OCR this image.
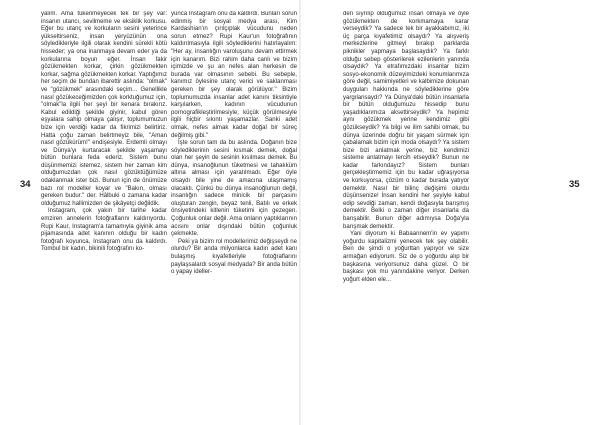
34	35

yalım. Ama tükenmeyecek tek bir şey var: insanın utancı, sevilmeme ve eksiklik korkusu. Eğer bu utanç ve korkuların sesini yeterince yükseltirseniz, insan yeryüzünün ona söyledikleriyle ilgili olarak kendini sürekli kötü hisseder; ya ona inanmaya devam eder ya da korkularına boyun eğer. İnsan fakir gözükmekten korkar, çirkin gözükmekten korkar, sağma gözükmekten korkar. Yaptığımız her seçim de bundan ibarettir aslında: "olmak" ve "gözükmek" arasındaki seçim... Genellikle nasıl gözükeceğimizden çok korktuğumuz için, "olmak"la ilgili her şeyi bir kenara bırakırız. Kabul edildiği şekilde giyinir, kabul gören eşyalara sahip olmaya çalışır, toplumumuzun bize için verdiği kadar da fikrimizi belirtiriz. Hatta çoğu zaman belirtmeyiz bile, "Aman nasıl gözükürüm!" endişesiyle. Erdemli olmayı ve Dünya'yı kurtaracak şekilde yaşamayı bütün bunlara feda ederiz. Sistem bunu düşünmemizi istemez, sistem her zaman kim olduğumuzdan çok nasıl gözüktüğümüze odaklanmak ister bizi. Bunun için de önümüze bazı rol modeller koyar ve "Bakın, olması gereken budur." der. Hâlbuki o zamana kadar olduğumuz hallimizden de şikâyetçi değildik.

Instagram, çok yakın bir tarihe kadar emziren annelerin fotoğraflarını kaldırıyordu. Rupi Kaur, Instagram'a tamamıyla giyinik ama pijamasında adet kanının olduğu bir kadın fotoğrafı koyunca, Instagram onu da kaldırdı. Tombul bir kadın, bikinili fotoğrafını ko-

yunca Instagram onu da kaldırdı. Bunları sorun edinmiş bir sosyal medya arası, Kim Kardashian'ın çırılçıplak vücudunu neden sorun etmez? Rupi Kaur'un fotoğrafının kaldırılmasıyla ilgili söylediklerini hatırlayalım: "Her ay, insanlığın varoluşunu devam ettirmek için kanarım. Bizi rahim daha canlı ve bizim içimizde ve şu an nefes alan herkesin de burada var olmasının sebebi. Bu sebeple, kanımız öylesine utanç verici ve saklanması gereken bir şey olarak görülüyor." Bizim toplumumuzda insanlar adet kanını tiksintiyle karşılarken, kadının vücudunun pornografikleştirilmesiyle, küçük görülmesiyle ilgili hiçbir sıkıntı yaşamazlar. Sanki adet olmak, nefes almak kadar doğal bir süreç değilmiş gibi."

İşte sorun tam da bu aslında. Doğanın bize söylediklerinin sesini kısmak demek, doğal olan her şeyin de sesinin kısılması demek. Bu dünya, insanoğlunun tüketmesi ve tahakküm altına alması için yaratılmadı. Eğer öyle olsaydı bile yine de amacına ulaşmamış olacaktı. Çünkü bu dünya insanoğlunun değil, insanlığın sadece minicik bir parçasını oluşturan zengin, beyaz tenli, Batılı ve erkek önsiyetindeki kitlenin tüketimi için gezegen. Çoğunluk onlar değil. Ama onların yaptıklarının acısını onlar dışındaki bütün çoğunluk çekmekte.

Peki ya bizim rol modellerimiz değişseydi ne olurdu? Bir anda milyonlarca kadın adet kanı bulaşmış kıyafetleriyle fotoğraflarını paylaşsalardı sosyal medyada? Bir anda bütün o yapay ideller-

den sıyrılıp olduğumuz insan olmaya ve öyle gözükmekten de korkmamaya karar verseydik? Ya sadece tek bir ayakkabımız, iki üç parça kıyafetimiz olsaydı? Ya alışveriş merkezlerine gitmeyi bırakıp parklarda piknikler yapmaya başlasaydık? Ya farklı olduğu sebep gösterilerek ezilenlerin yanında olsaydık? Ya etrafımızdaki insanlar bizim sosyo-ekonomik düzeyimizdeki konumlarımıza göre değil, samimiyetleri ve kalbimize dokunan duyguları hakkında ne söylediklerine göre yargılansaydı? Ya Dünya'daki bütün insanlarla bir bütün olduğumuzu hissedip bunu yaşadıklarımıza aksettirseydik? Ya hepimiz aynı gözükmek yerine kendimiz gibi gözükseydik? Ya bilgi ve ilim sahibi olmak, bu dünya üzerinde doğru bir yaşam sürmek için çabalamak bizim için moda olsaydı? Ya sistem bize bizi anlatmak yerine, biz kendimizi sisteme anlatmayı tercih etseydik? Bunun ne kadar farkındayız? Sistem bunları gerçekleştirmemiz için bu kadar uğraşıyorsa ve korkuyorsa, çözüm o kadar burada yatıyor demektir. Nasıl bir bilinç değişimi olurdu düşünsenize! İnsan kendini her şeyiyle kabul edip sevdiği zaman, kendi doğasıyla barışmış demektir. Belki o zaman diğer insanlarla da barışabilir. Bunun diğer adımıysa Doğa'yla barışmak demektir.

Yani diyorum ki Babaannem'in ev yapımı yoğurdu kapitalizmi yenecek tek şey olabilir. Ben de şimdi o yoğurttan yapıyor ve size armağan ediyorum. Siz de o yoğurdu alıp bir başkasına veriyorsunuz daha güzel. O bir başkası yok mu yanındakine veriyor. Derken yoğurt elden ele...
